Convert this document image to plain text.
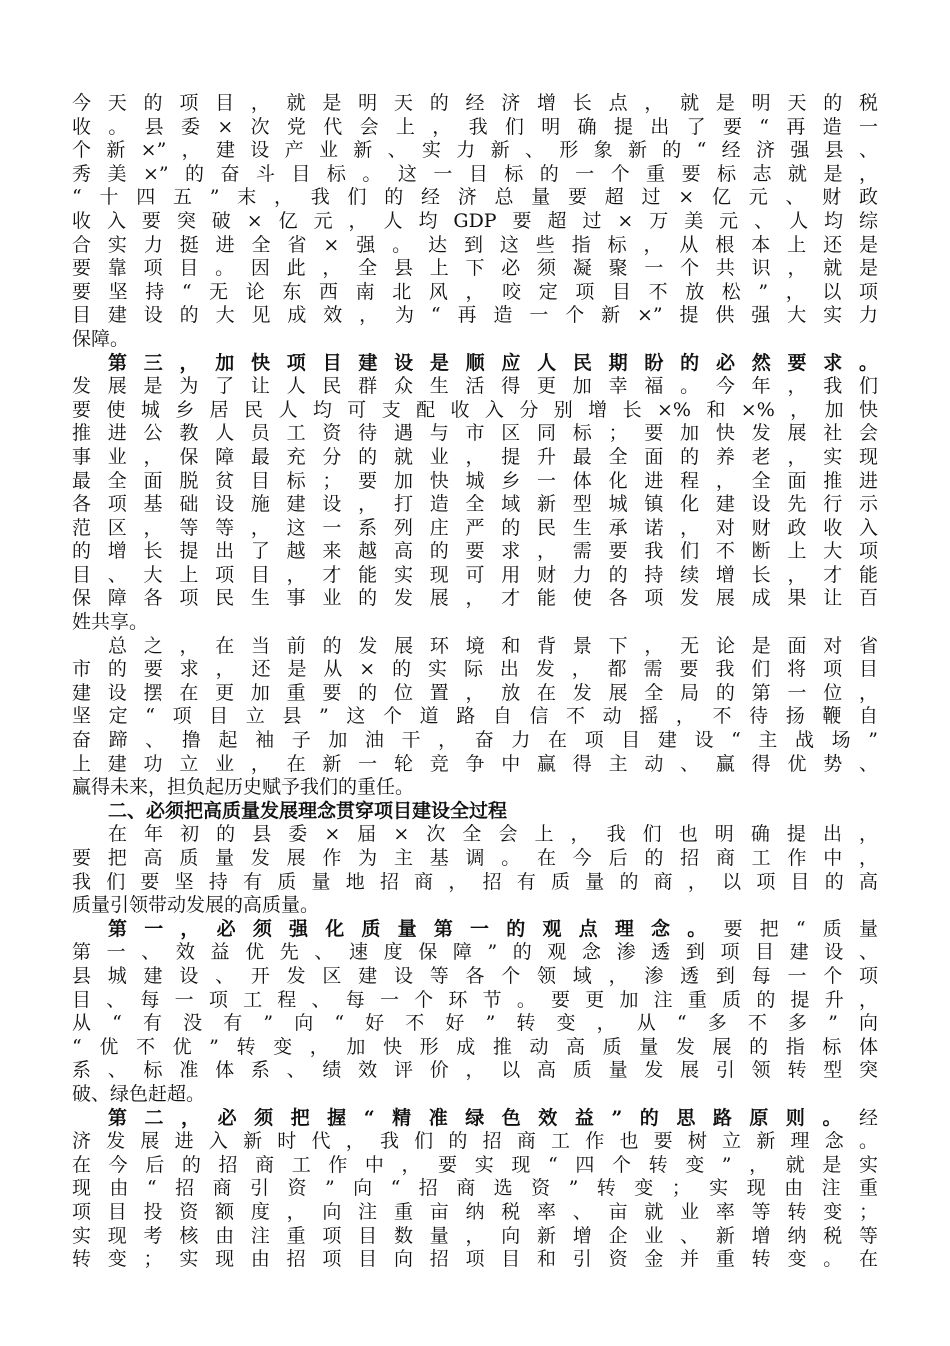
今天的项目，就是明天的经济增长点，就是明天的税

收。县委×次党代会上，我们明确提出了要“再造一

个新×”，建设产业新、实力新、形象新的“经济强县、

秀美×”的奋斗目标。这一目标的一个重要标志就是，

“十四五”末，我们的经济总量要超过×亿元、财政

收入要突破×亿元，人均GDP要超过×万美元、人均综

合实力挺进全省×强。达到这些指标，从根本上还是

要靠项目。因此，全县上下必须凝聚一个共识，就是

要坚持“无论东西南北风，咬定项目不放松”，以项

目建设的大见成效，为“再造一个新×”提供强大实力

保障。

第三，加快项目建设是顺应人民期盼的必然要求。

发展是为了让人民群众生活得更加幸福。今年，我们

要使城乡居民人均可支配收入分别增长×%和×%，加快

推进公教人员工资待遇与市区同标；要加快发展社会

事业，保障最充分的就业，提升最全面的养老，实现

最全面脱贫目标；要加快城乡一体化进程，全面推进

各项基础设施建设，打造全域新型城镇化建设先行示

范区，等等，这一系列庄严的民生承诺，对财政收入

的增长提出了越来越高的要求，需要我们不断上大项

目、大上项目，才能实现可用财力的持续增长，才能

保障各项民生事业的发展，才能使各项发展成果让百

姓共享。

总之，在当前的发展环境和背景下，无论是面对省

市的要求，还是从×的实际出发，都需要我们将项目

建设摆在更加重要的位置，放在发展全局的第一位，

坚定“项目立县”这个道路自信不动摇，不待扬鞭自

奋蹄、撸起袖子加油干，奋力在项目建设“主战场”

上建功立业，在新一轮竞争中赢得主动、赢得优势、

赢得未来，担负起历史赋予我们的重任。

二、必须把高质量发展理念贯穿项目建设全过程

在年初的县委×届×次全会上，我们也明确提出，

要把高质量发展作为主基调。在今后的招商工作中，

我们要坚持有质量地招商，招有质量的商，以项目的高

质量引领带动发展的高质量。

第一，必须强化质量第一的观点理念。要把“质量

第一、效益优先、速度保障”的观念渗透到项目建设、

县城建设、开发区建设等各个领域，渗透到每一个项

目、每一项工程、每一个环节。要更加注重质的提升，

从“有没有”向“好不好”转变，从“多不多”向

“优不优”转变，加快形成推动高质量发展的指标体

系、标准体系、绩效评价，以高质量发展引领转型突

破、绿色赶超。

第二，必须把握“精准绿色效益”的思路原则。经

济发展进入新时代，我们的招商工作也要树立新理念。

在今后的招商工作中，要实现“四个转变”，就是实

现由“招商引资”向“招商选资”转变；实现由注重

项目投资额度，向注重亩纳税率、亩就业率等转变；

实现考核由注重项目数量，向新增企业、新增纳税等

转变；实现由招项目向招项目和引资金并重转变。在
